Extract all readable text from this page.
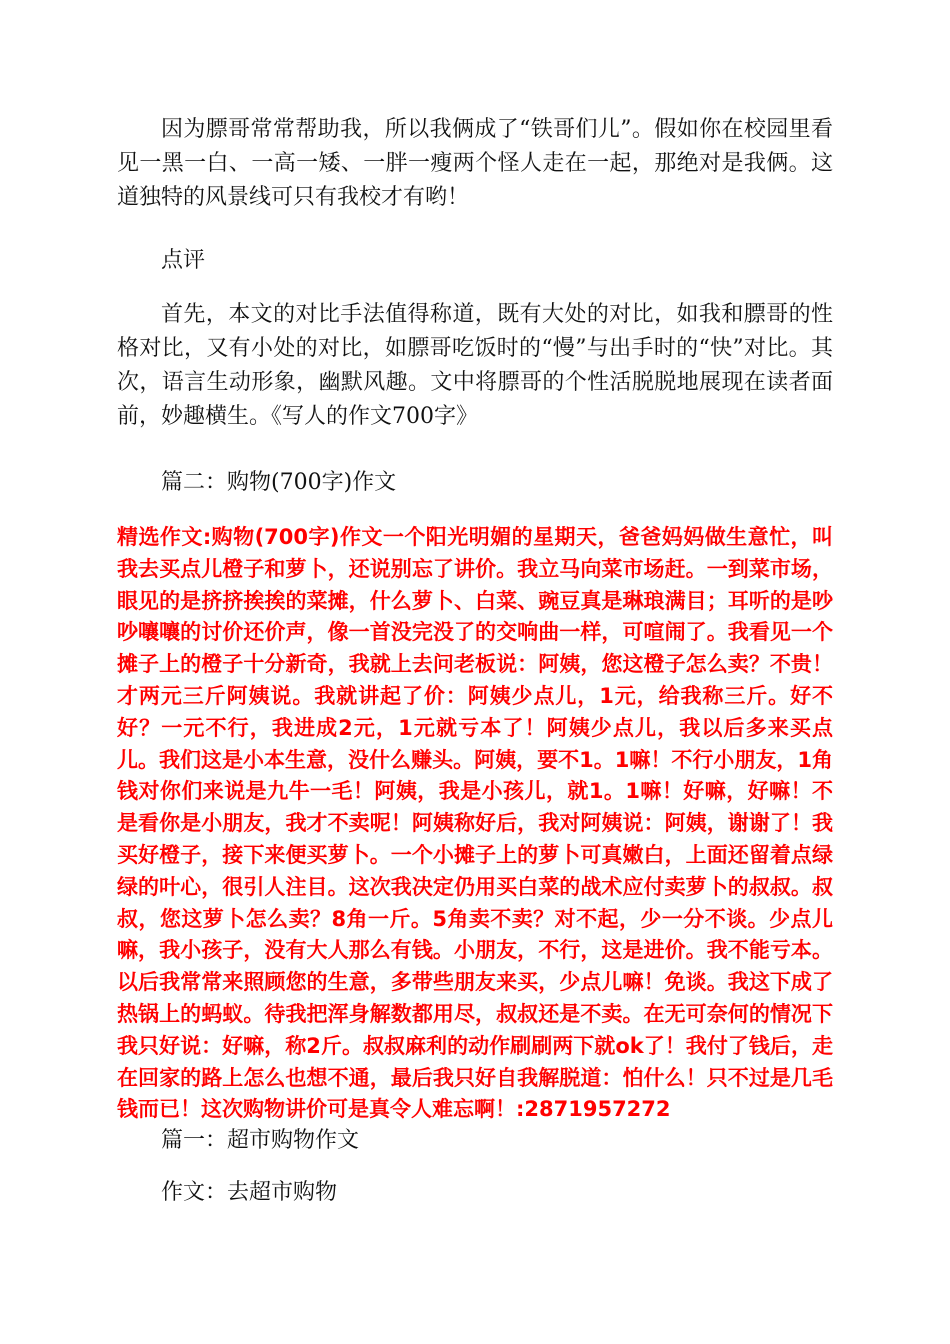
因为膘哥常常帮助我，所以我俩成了“铁哥们儿”。假如你在校园里看见一黑一白、一高一矮、一胖一瘦两个怪人走在一起，那绝对是我俩。这道独特的风景线可只有我校才有哟！

点评

首先，本文的对比手法值得称道，既有大处的对比，如我和膘哥的性格对比，又有小处的对比，如膘哥吃饭时的“慢”与出手时的“快”对比。其次，语言生动形象，幽默风趣。文中将膘哥的个性活脱脱地展现在读者面前，妙趣横生。《写人的作文700字》

篇二：购物(700字)作文

精选作文:购物(700字)作文一个阳光明媚的星期天，爸爸妈妈做生意忙，叫我去买点儿橙子和萝卜，还说别忘了讲价。我立马向菜市场赶。一到菜市场，眼见的是挤挤挨挨的菜摊，什么萝卜、白菜、豌豆真是琳琅满目；耳听的是吵吵嚷嚷的讨价还价声，像一首没完没了的交响曲一样，可喧闹了。我看见一个摊子上的橙子十分新奇，我就上去问老板说：阿姨，您这橙子怎么卖？不贵！才两元三斤阿姨说。我就讲起了价：阿姨少点儿，1元，给我称三斤。好不好？一元不行，我进成2元，1元就亏本了！阿姨少点儿，我以后多来买点儿。我们这是小本生意，没什么赚头。阿姨，要不1。1嘛！不行小朋友，1角钱对你们来说是九牛一毛！阿姨，我是小孩儿，就1。1嘛！好嘛，好嘛！不是看你是小朋友，我才不卖呢！阿姨称好后，我对阿姨说：阿姨，谢谢了！我买好橙子，接下来便买萝卜。一个小摊子上的萝卜可真嫩白，上面还留着点绿绿的叶心，很引人注目。这次我决定仍用买白菜的战术应付卖萝卜的叔叔。叔叔，您这萝卜怎么卖？8角一斤。5角卖不卖？对不起，少一分不谈。少点儿嘛，我小孩子，没有大人那么有钱。小朋友，不行，这是进价。我不能亏本。以后我常常来照顾您的生意，多带些朋友来买，少点儿嘛！免谈。我这下成了热锅上的蚂蚁。待我把浑身解数都用尽，叔叔还是不卖。在无可奈何的情况下我只好说：好嘛，称2斤。叔叔麻利的动作刷刷两下就ok了！我付了钱后，走在回家的路上怎么也想不通，最后我只好自我解脱道：怕什么！只不过是几毛钱而已！这次购物讲价可是真令人难忘啊！:2871957272

篇一：超市购物作文

作文：去超市购物
